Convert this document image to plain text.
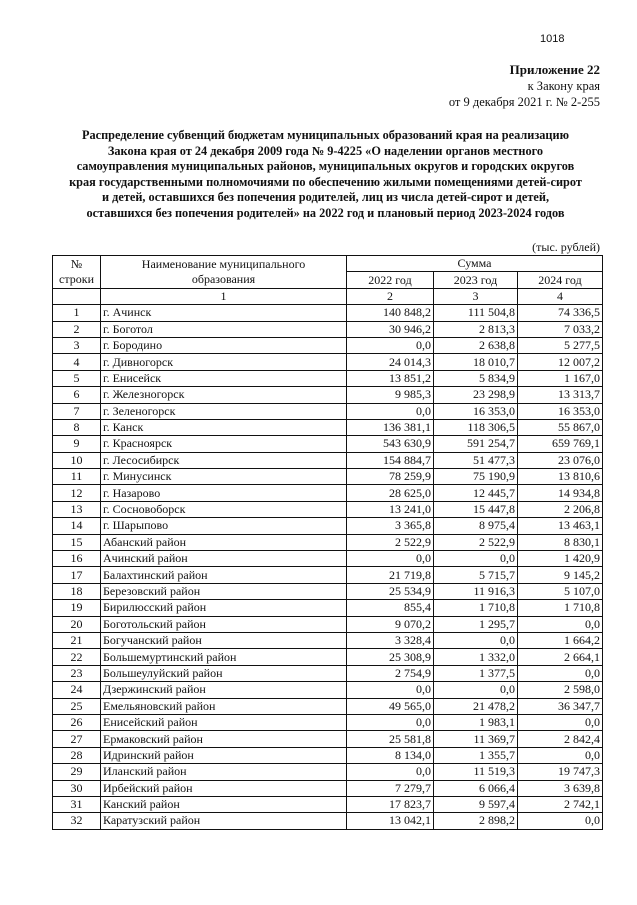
1018
Приложение 22
к Закону края
от 9 декабря 2021 г. № 2-255
Распределение субвенций бюджетам муниципальных образований края на реализацию
Закона края от 24 декабря 2009 года № 9-4225 «О наделении органов местного
самоуправления муниципальных районов, муниципальных округов и городских округов
края государственными полномочиями по обеспечению жилыми помещениями детей-сирот
и детей, оставшихся без попечения родителей, лиц из числа детей-сирот и детей,
оставшихся без попечения родителей» на 2022 год и плановый период 2023-2024 годов
(тыс. рублей)
№
строки	Наименование муниципального
образования	Сумма		
		2022 год	2023 год	2024 год
	1	2	3	4
1	г. Ачинск	140 848,2	111 504,8	74 336,5
2	г. Боготол	30 946,2	2 813,3	7 033,2
3	г. Бородино	0,0	2 638,8	5 277,5
4	г. Дивногорск	24 014,3	18 010,7	12 007,2
5	г. Енисейск	13 851,2	5 834,9	1 167,0
6	г. Железногорск	9 985,3	23 298,9	13 313,7
7	г. Зеленогорск	0,0	16 353,0	16 353,0
8	г. Канск	136 381,1	118 306,5	55 867,0
9	г. Красноярск	543 630,9	591 254,7	659 769,1
10	г. Лесосибирск	154 884,7	51 477,3	23 076,0
11	г. Минусинск	78 259,9	75 190,9	13 810,6
12	г. Назарово	28 625,0	12 445,7	14 934,8
13	г. Сосновоборск	13 241,0	15 447,8	2 206,8
14	г. Шарыпово	3 365,8	8 975,4	13 463,1
15	Абанский район	2 522,9	2 522,9	8 830,1
16	Ачинский район	0,0	0,0	1 420,9
17	Балахтинский район	21 719,8	5 715,7	9 145,2
18	Березовский район	25 534,9	11 916,3	5 107,0
19	Бирилюсский район	855,4	1 710,8	1 710,8
20	Боготольский район	9 070,2	1 295,7	0,0
21	Богучанский район	3 328,4	0,0	1 664,2
22	Большемуртинский район	25 308,9	1 332,0	2 664,1
23	Большеулуйский район	2 754,9	1 377,5	0,0
24	Дзержинский район	0,0	0,0	2 598,0
25	Емельяновский район	49 565,0	21 478,2	36 347,7
26	Енисейский район	0,0	1 983,1	0,0
27	Ермаковский район	25 581,8	11 369,7	2 842,4
28	Идринский район	8 134,0	1 355,7	0,0
29	Иланский район	0,0	11 519,3	19 747,3
30	Ирбейский район	7 279,7	6 066,4	3 639,8
31	Канский район	17 823,7	9 597,4	2 742,1
32	Каратузский район	13 042,1	2 898,2	0,0
